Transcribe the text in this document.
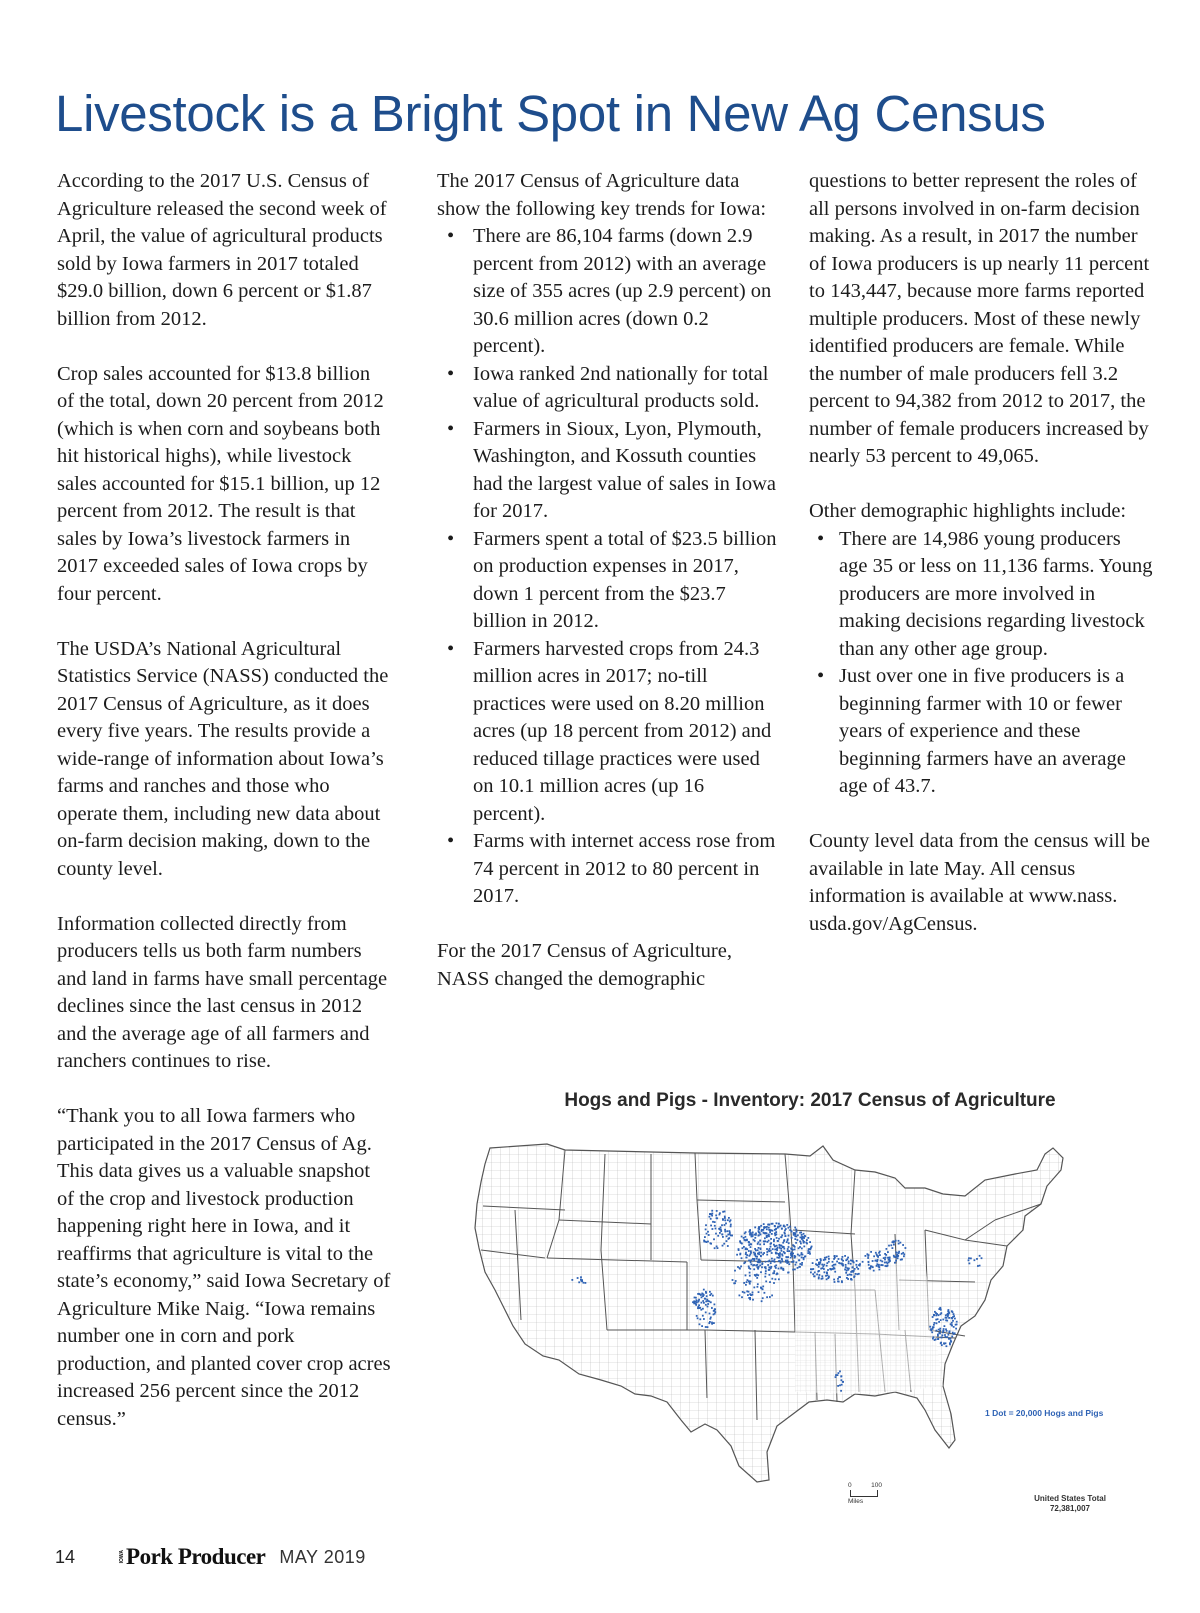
Livestock is a Bright Spot in New Ag Census

According to the 2017 U.S. Census of Agriculture released the second week of April, the value of agricultural products sold by Iowa farmers in 2017 totaled $29.0 billion, down 6 percent or $1.87 billion from 2012.

Crop sales accounted for $13.8 billion of the total, down 20 percent from 2012 (which is when corn and soybeans both hit historical highs), while livestock sales accounted for $15.1 billion, up 12 percent from 2012. The result is that sales by Iowa’s livestock farmers in 2017 exceeded sales of Iowa crops by four percent.

The USDA’s National Agricultural Statistics Service (NASS) conducted the 2017 Census of Agriculture, as it does every five years. The results provide a wide-range of information about Iowa’s farms and ranches and those who operate them, including new data about on-farm decision making, down to the county level.

Information collected directly from producers tells us both farm numbers and land in farms have small percentage declines since the last census in 2012 and the average age of all farmers and ranchers continues to rise.

“Thank you to all Iowa farmers who participated in the 2017 Census of Ag. This data gives us a valuable snapshot of the crop and livestock production happening right here in Iowa, and it reaffirms that agriculture is vital to the state’s economy,” said Iowa Secretary of Agriculture Mike Naig. “Iowa remains number one in corn and pork production, and planted cover crop acres increased 256 percent since the 2012 census.”

The 2017 Census of Agriculture data show the following key trends for Iowa:

• There are 86,104 farms (down 2.9 percent from 2012) with an average size of 355 acres (up 2.9 percent) on 30.6 million acres (down 0.2 percent).
• Iowa ranked 2nd nationally for total value of agricultural products sold.
• Farmers in Sioux, Lyon, Plymouth, Washington, and Kossuth counties had the largest value of sales in Iowa for 2017.
• Farmers spent a total of $23.5 billion on production expenses in 2017, down 1 percent from the $23.7 billion in 2012.
• Farmers harvested crops from 24.3 million acres in 2017; no-till practices were used on 8.20 million acres (up 18 percent from 2012) and reduced tillage practices were used on 10.1 million acres (up 16 percent).
• Farms with internet access rose from 74 percent in 2012 to 80 percent in 2017.

For the 2017 Census of Agriculture, NASS changed the demographic

questions to better represent the roles of all persons involved in on-farm decision making. As a result, in 2017 the number of Iowa producers is up nearly 11 percent to 143,447, because more farms reported multiple producers. Most of these newly identified producers are female. While the number of male producers fell 3.2 percent to 94,382 from 2012 to 2017, the number of female producers increased by nearly 53 percent to 49,065.

Other demographic highlights include:

• There are 14,986 young producers age 35 or less on 11,136 farms. Young producers are more involved in making decisions regarding livestock than any other age group.
• Just over one in five producers is a beginning farmer with 10 or fewer years of experience and these beginning farmers have an average age of 43.7.

County level data from the census will be available in late May. All census information is available at www.nass. usda.gov/AgCensus.

Hogs and Pigs - Inventory: 2017 Census of Agriculture
1 Dot = 20,000 Hogs and Pigs
0	100
Miles	United States Total
72,381,007
14	IOWA Pork Producer MAY 2019
